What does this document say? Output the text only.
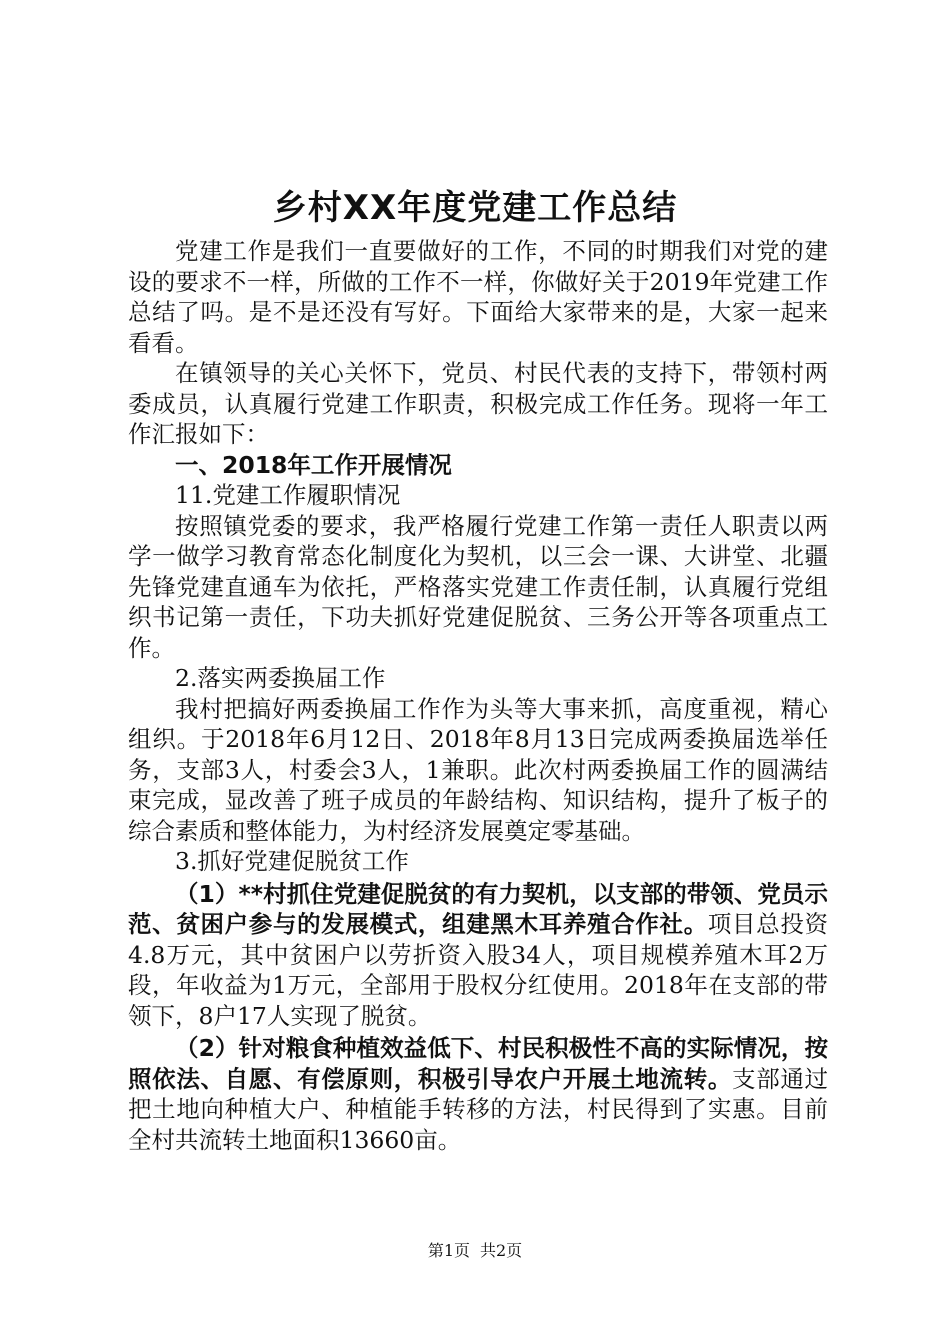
乡村XX年度党建工作总结

党建工作是我们一直要做好的工作，不同的时期我们对党的建设的要求不一样，所做的工作不一样，你做好关于2019年党建工作总结了吗。是不是还没有写好。下面给大家带来的是，大家一起来看看。

在镇领导的关心关怀下，党员、村民代表的支持下，带领村两委成员，认真履行党建工作职责，积极完成工作任务。现将一年工作汇报如下：

一、2018年工作开展情况

11.党建工作履职情况

按照镇党委的要求，我严格履行党建工作第一责任人职责以两学一做学习教育常态化制度化为契机，以三会一课、大讲堂、北疆先锋党建直通车为依托，严格落实党建工作责任制，认真履行党组织书记第一责任，下功夫抓好党建促脱贫、三务公开等各项重点工作。

2.落实两委换届工作

我村把搞好两委换届工作作为头等大事来抓，高度重视，精心组织。于2018年6月12日、2018年8月13日完成两委换届选举任务，支部3人，村委会3人，1兼职。此次村两委换届工作的圆满结束完成，显改善了班子成员的年龄结构、知识结构，提升了板子的综合素质和整体能力，为村经济发展奠定零基础。

3.抓好党建促脱贫工作

（1）**村抓住党建促脱贫的有力契机，以支部的带领、党员示范、贫困户参与的发展模式，组建黑木耳养殖合作社。项目总投资4.8万元，其中贫困户以劳折资入股34人，项目规模养殖木耳2万段，年收益为1万元，全部用于股权分红使用。2018年在支部的带领下，8户17人实现了脱贫。

（2）针对粮食种植效益低下、村民积极性不高的实际情况，按照依法、自愿、有偿原则，积极引导农户开展土地流转。支部通过把土地向种植大户、种植能手转移的方法，村民得到了实惠。目前全村共流转土地面积13660亩。

第1页 共2页
